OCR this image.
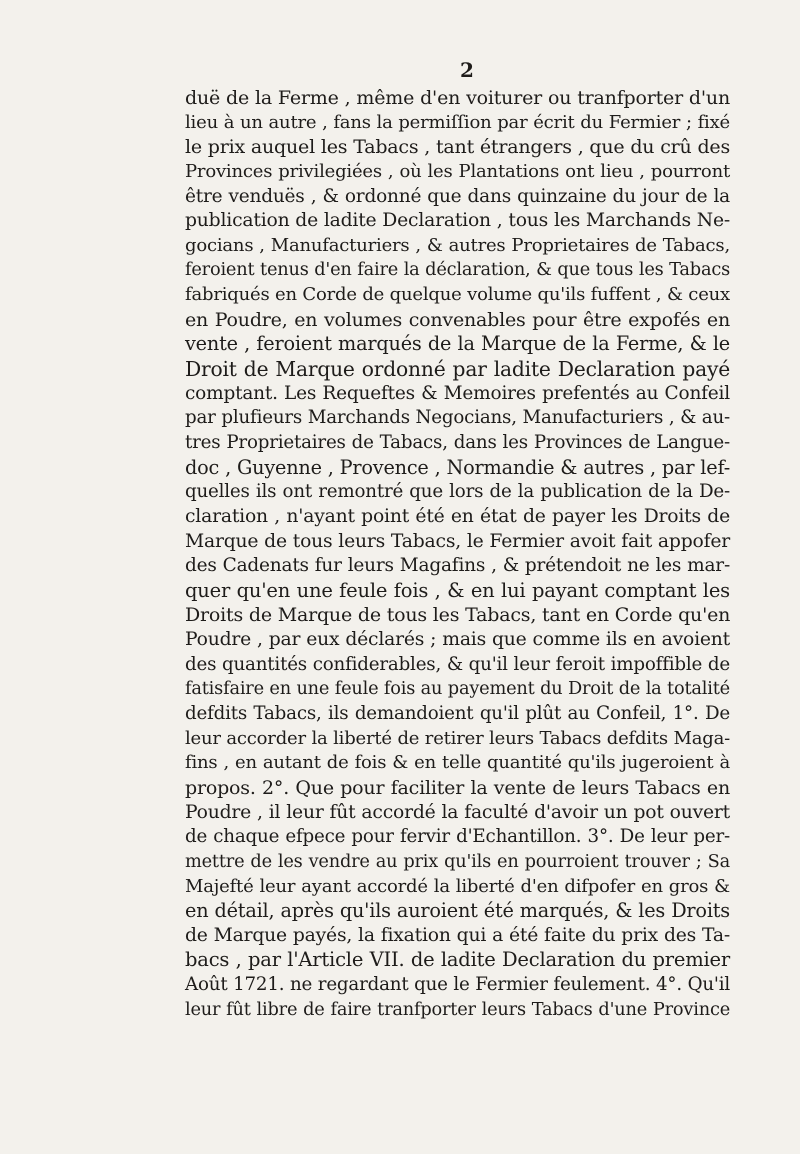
2
duë de la Ferme , même d'en voiturer ou tranfporter d'un
lieu à un autre , fans la permiſſion par écrit du Fermier ; fixé
le prix auquel les Tabacs , tant étrangers , que du crû des
Provinces privilegiées , où les Plantations ont lieu , pourront
être venduës , & ordonné que dans quinzaine du jour de la
publication de ladite Declaration , tous les Marchands Ne-
gocians , Manufacturiers , & autres Proprietaires de Tabacs,
feroient tenus d'en faire la déclaration, & que tous les Tabacs
fabriqués en Corde de quelque volume qu'ils fuffent , & ceux
en Poudre, en volumes convenables pour être expofés en
vente , feroient marqués de la Marque de la Ferme, & le
Droit de Marque ordonné par ladite Declaration payé
comptant. Les Requeftes & Memoires prefentés au Confeil
par plufieurs Marchands Negocians, Manufacturiers , & au-
tres Proprietaires de Tabacs, dans les Provinces de Langue-
doc , Guyenne , Provence , Normandie & autres , par lef-
quelles ils ont remontré que lors de la publication de la De-
claration , n'ayant point été en état de payer les Droits de
Marque de tous leurs Tabacs, le Fermier avoit fait appofer
des Cadenats fur leurs Magafins , & prétendoit ne les mar-
quer qu'en une feule fois , & en lui payant comptant les
Droits de Marque de tous les Tabacs, tant en Corde qu'en
Poudre , par eux déclarés ; mais que comme ils en avoient
des quantités confiderables, & qu'il leur feroit impoffible de
fatisfaire en une feule fois au payement du Droit de la totalité
defdits Tabacs, ils demandoient qu'il plût au Confeil, 1°. De
leur accorder la liberté de retirer leurs Tabacs defdits Maga-
fins , en autant de fois & en telle quantité qu'ils jugeroient à
propos. 2°. Que pour faciliter la vente de leurs Tabacs en
Poudre , il leur fût accordé la faculté d'avoir un pot ouvert
de chaque efpece pour fervir d'Echantillon. 3°. De leur per-
mettre de les vendre au prix qu'ils en pourroient trouver ; Sa
Majefté leur ayant accordé la liberté d'en difpofer en gros &
en détail, après qu'ils auroient été marqués, & les Droits
de Marque payés, la fixation qui a été faite du prix des Ta-
bacs , par l'Article VII. de ladite Declaration du premier
Août 1721. ne regardant que le Fermier feulement. 4°. Qu'il
leur fût libre de faire tranfporter leurs Tabacs d'une Province
